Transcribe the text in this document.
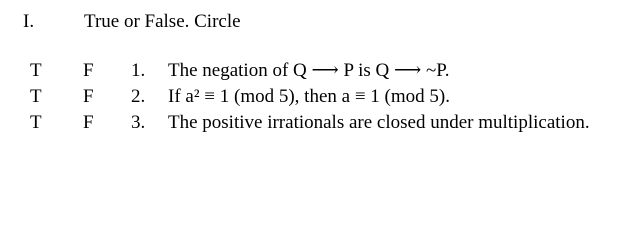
I.	True or False. Circle
T F 1. The negation of Q ⟶ P is Q ⟶ ~P.
T F 2. If a² ≡ 1 (mod 5), then a ≡ 1 (mod 5).
T F 3. The positive irrationals are closed under multiplication.
